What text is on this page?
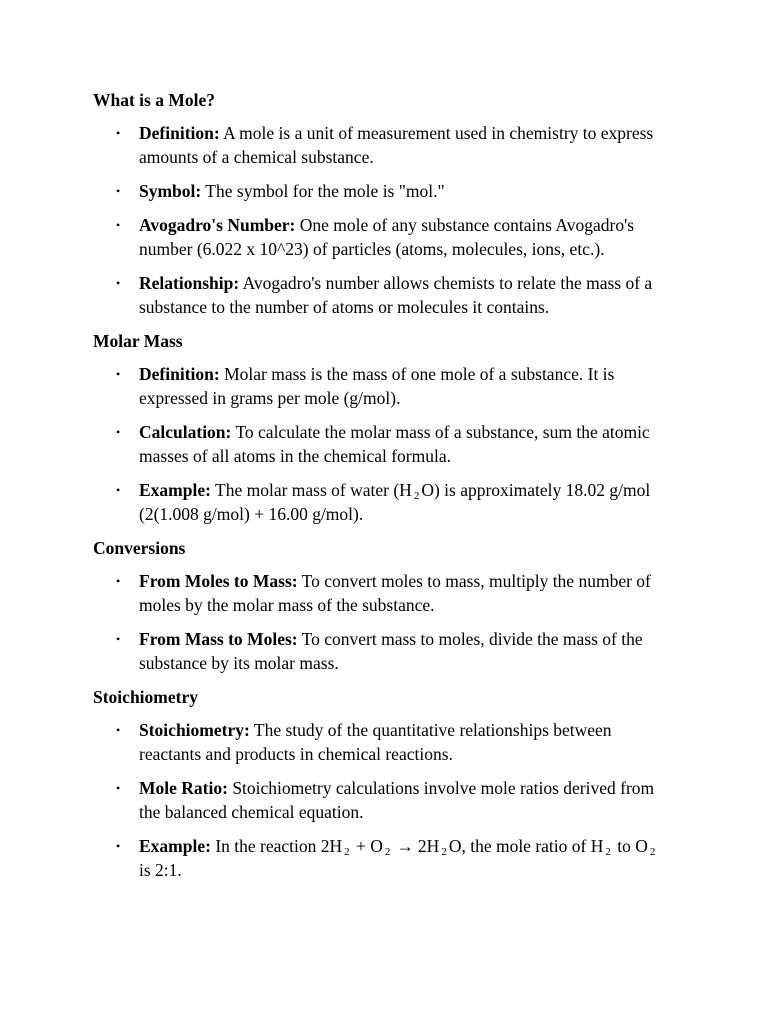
What is a Mole?
• Definition: A mole is a unit of measurement used in chemistry to express amounts of a chemical substance.
• Symbol: The symbol for the mole is "mol."
• Avogadro's Number: One mole of any substance contains Avogadro's number (6.022 x 10^23) of particles (atoms, molecules, ions, etc.).
• Relationship: Avogadro's number allows chemists to relate the mass of a substance to the number of atoms or molecules it contains.
Molar Mass
• Definition: Molar mass is the mass of one mole of a substance. It is expressed in grams per mole (g/mol).
• Calculation: To calculate the molar mass of a substance, sum the atomic masses of all atoms in the chemical formula.
• Example: The molar mass of water (H $_2$ O) is approximately 18.02 g/mol (2(1.008 g/mol) + 16.00 g/mol).
Conversions
• From Moles to Mass: To convert moles to mass, multiply the number of moles by the molar mass of the substance.
• From Mass to Moles: To convert mass to moles, divide the mass of the substance by its molar mass.
Stoichiometry
• Stoichiometry: The study of the quantitative relationships between reactants and products in chemical reactions.
• Mole Ratio: Stoichiometry calculations involve mole ratios derived from the balanced chemical equation.
• Example: In the reaction 2H $_2$ + O $_2$ → 2H $_2$ O, the mole ratio of H $_2$ to O $_2$ is 2:1.
